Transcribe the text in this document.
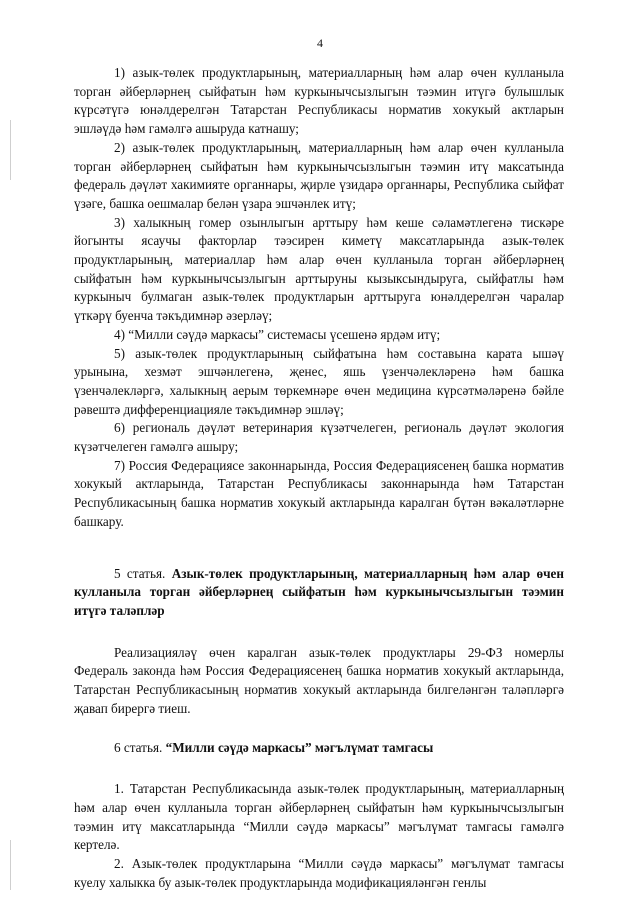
4

1) азык-төлек продуктларының, материалларның һәм алар өчен кулланыла торган әйберләрнең сыйфатын һәм куркынычсызлыгын тәэмин итүгә булышлык күрсәтүгә юнәлдерелгән Татарстан Республикасы норматив хокукый актларын эшләүдә һәм гамәлгә ашыруда катнашу;

2) азык-төлек продуктларының, материалларның һәм алар өчен кулланыла торган әйберләрнең сыйфатын һәм куркынычсызлыгын тәэмин итү максатында федераль дәүләт хакимияте органнары, җирле үзидарә органнары, Республика сыйфат үзәге, башка оешмалар белән үзара эшчәнлек итү;

3) халыкның гомер озынлыгын арттыру һәм кеше сәламәтлегенә тискәре йогынты ясаучы факторлар тәэсирен киметү максатларында азык-төлек продуктларының, материаллар һәм алар өчен кулланыла торган әйберләрнең сыйфатын һәм куркынычсызлыгын арттыруны кызыксындыруга, сыйфатлы һәм куркыныч булмаган азык-төлек продуктларын арттыруга юнәлдерелгән чаралар үткәрү буенча тәкъдимнәр әзерләү;

4) “Милли сәүдә маркасы” системасы үсешенә ярдәм итү;

5) азык-төлек продуктларының сыйфатына һәм составына карата ышәү урынына, хезмәт эшчәнлегенә, җенес, яшь үзенчәлекләренә һәм башка үзенчәлекләргә, халыкның аерым төркемнәре өчен медицина күрсәтмәләренә бәйле рәвештә дифференциацияле тәкъдимнәр эшләү;

6) региональ дәүләт ветеринария күзәтчелеген, региональ дәүләт экология күзәтчелеген гамәлгә ашыру;

7) Россия Федерациясе законнарында, Россия Федерациясенең башка норматив хокукый актларында, Татарстан Республикасы законнарында һәм Татарстан Республикасының башка норматив хокукый актларында каралган бүтән вәкаләтләрне башкару.

5 статья. Азык-төлек продуктларының, материалларның һәм алар өчен кулланыла торган әйберләрнең сыйфатын һәм куркынычсызлыгын тәэмин итүгә таләпләр

Реализацияләү өчен каралган азык-төлек продуктлары 29-ФЗ номерлы Федераль законда һәм Россия Федерациясенең башка норматив хокукый актларында, Татарстан Республикасының норматив хокукый актларында билгеләнгән таләпләргә җавап бирергә тиеш.

6 статья. “Милли сәүдә маркасы” мәгълүмат тамгасы

1. Татарстан Республикасында азык-төлек продуктларының, материалларның һәм алар өчен кулланыла торган әйберләрнең сыйфатын һәм куркынычсызлыгын тәэмин итү максатларында “Милли сәүдә маркасы” мәгълүмат тамгасы гамәлгә кертелә.

2. Азык-төлек продуктларына “Милли сәүдә маркасы” мәгълүмат тамгасы куелу халыкка бу азык-төлек продуктларында модификацияләнгән генлы
